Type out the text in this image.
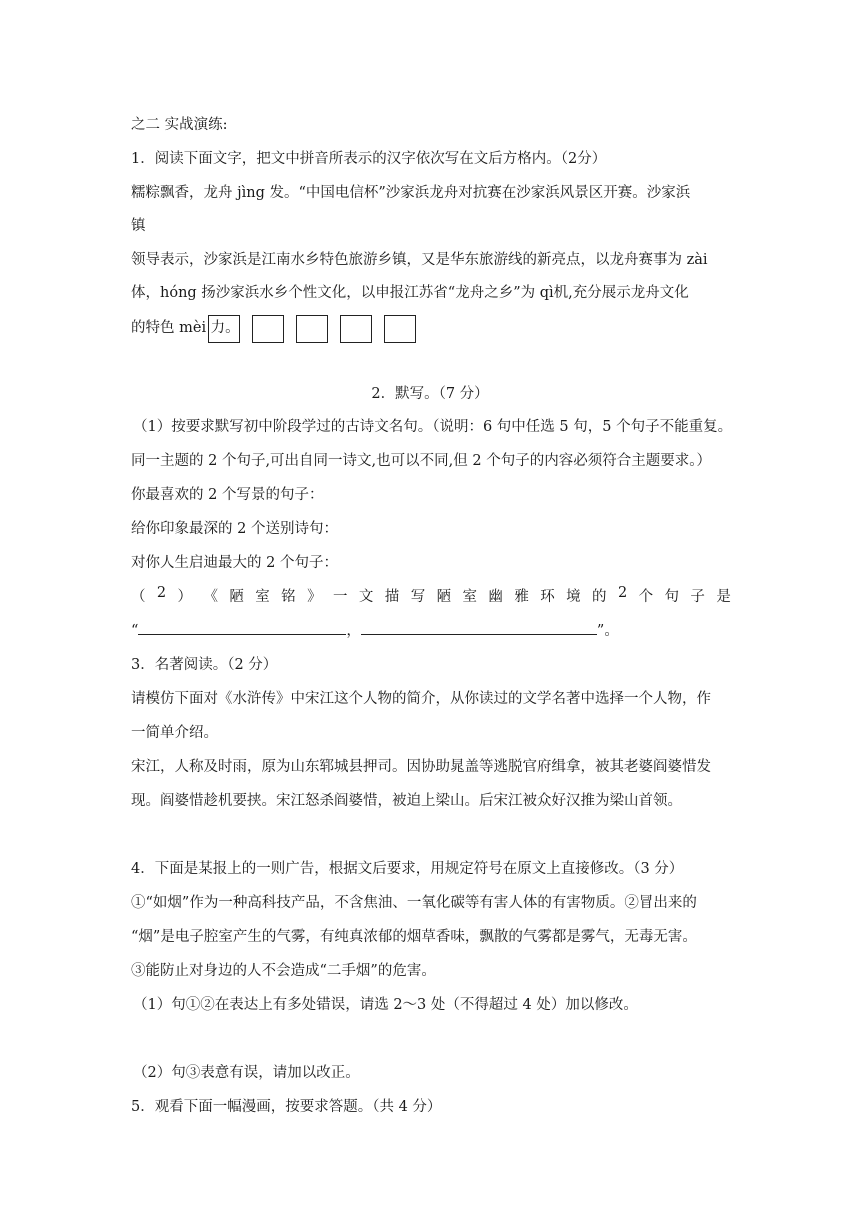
之二 实战演练:
1．阅读下面文字，把文中拼音所表示的汉字依次写在文后方格内。（2分）
糯粽飘香，龙舟 jìng 发。“中国电信杯”沙家浜龙舟对抗赛在沙家浜风景区开赛。沙家浜
镇
领导表示，沙家浜是江南水乡特色旅游乡镇，又是华东旅游线的新亮点，以龙舟赛事为 zài
体，hóng 扬沙家浜水乡个性文化，以申报江苏省“龙舟之乡”为 qì机,充分展示龙舟文化
的特色 mèi 力。
2．默写。（7 分）
（1）按要求默写初中阶段学过的古诗文名句。（说明：6 句中任选 5 句，5 个句子不能重复。
同一主题的 2 个句子,可出自同一诗文,也可以不同,但 2 个句子的内容必须符合主题要求。）
你最喜欢的 2 个写景的句子：
给你印象最深的 2 个送别诗句：
对你人生启迪最大的 2 个句子：
（ 2 ） 《 陋 室 铭 》 一 文 描 写 陋 室 幽 雅 环 境 的 2 个 句 子 是
“	，	”。
3．名著阅读。（2 分）
请模仿下面对《水浒传》中宋江这个人物的简介，从你读过的文学名著中选择一个人物，作
一简单介绍。
宋江，人称及时雨，原为山东郓城县押司。因协助晁盖等逃脱官府缉拿，被其老婆阎婆惜发
现。阎婆惜趁机要挟。宋江怒杀阎婆惜，被迫上梁山。后宋江被众好汉推为梁山首领。
4．下面是某报上的一则广告，根据文后要求，用规定符号在原文上直接修改。（3 分）
①“如烟”作为一种高科技产品，不含焦油、一氧化碳等有害人体的有害物质。②冒出来的
“烟”是电子腔室产生的气雾，有纯真浓郁的烟草香味，飘散的气雾都是雾气，无毒无害。
③能防止对身边的人不会造成“二手烟”的危害。
（1）句①②在表达上有多处错误，请选 2～3 处（不得超过 4 处）加以修改。
（2）句③表意有误，请加以改正。
5．观看下面一幅漫画，按要求答题。（共 4 分）
